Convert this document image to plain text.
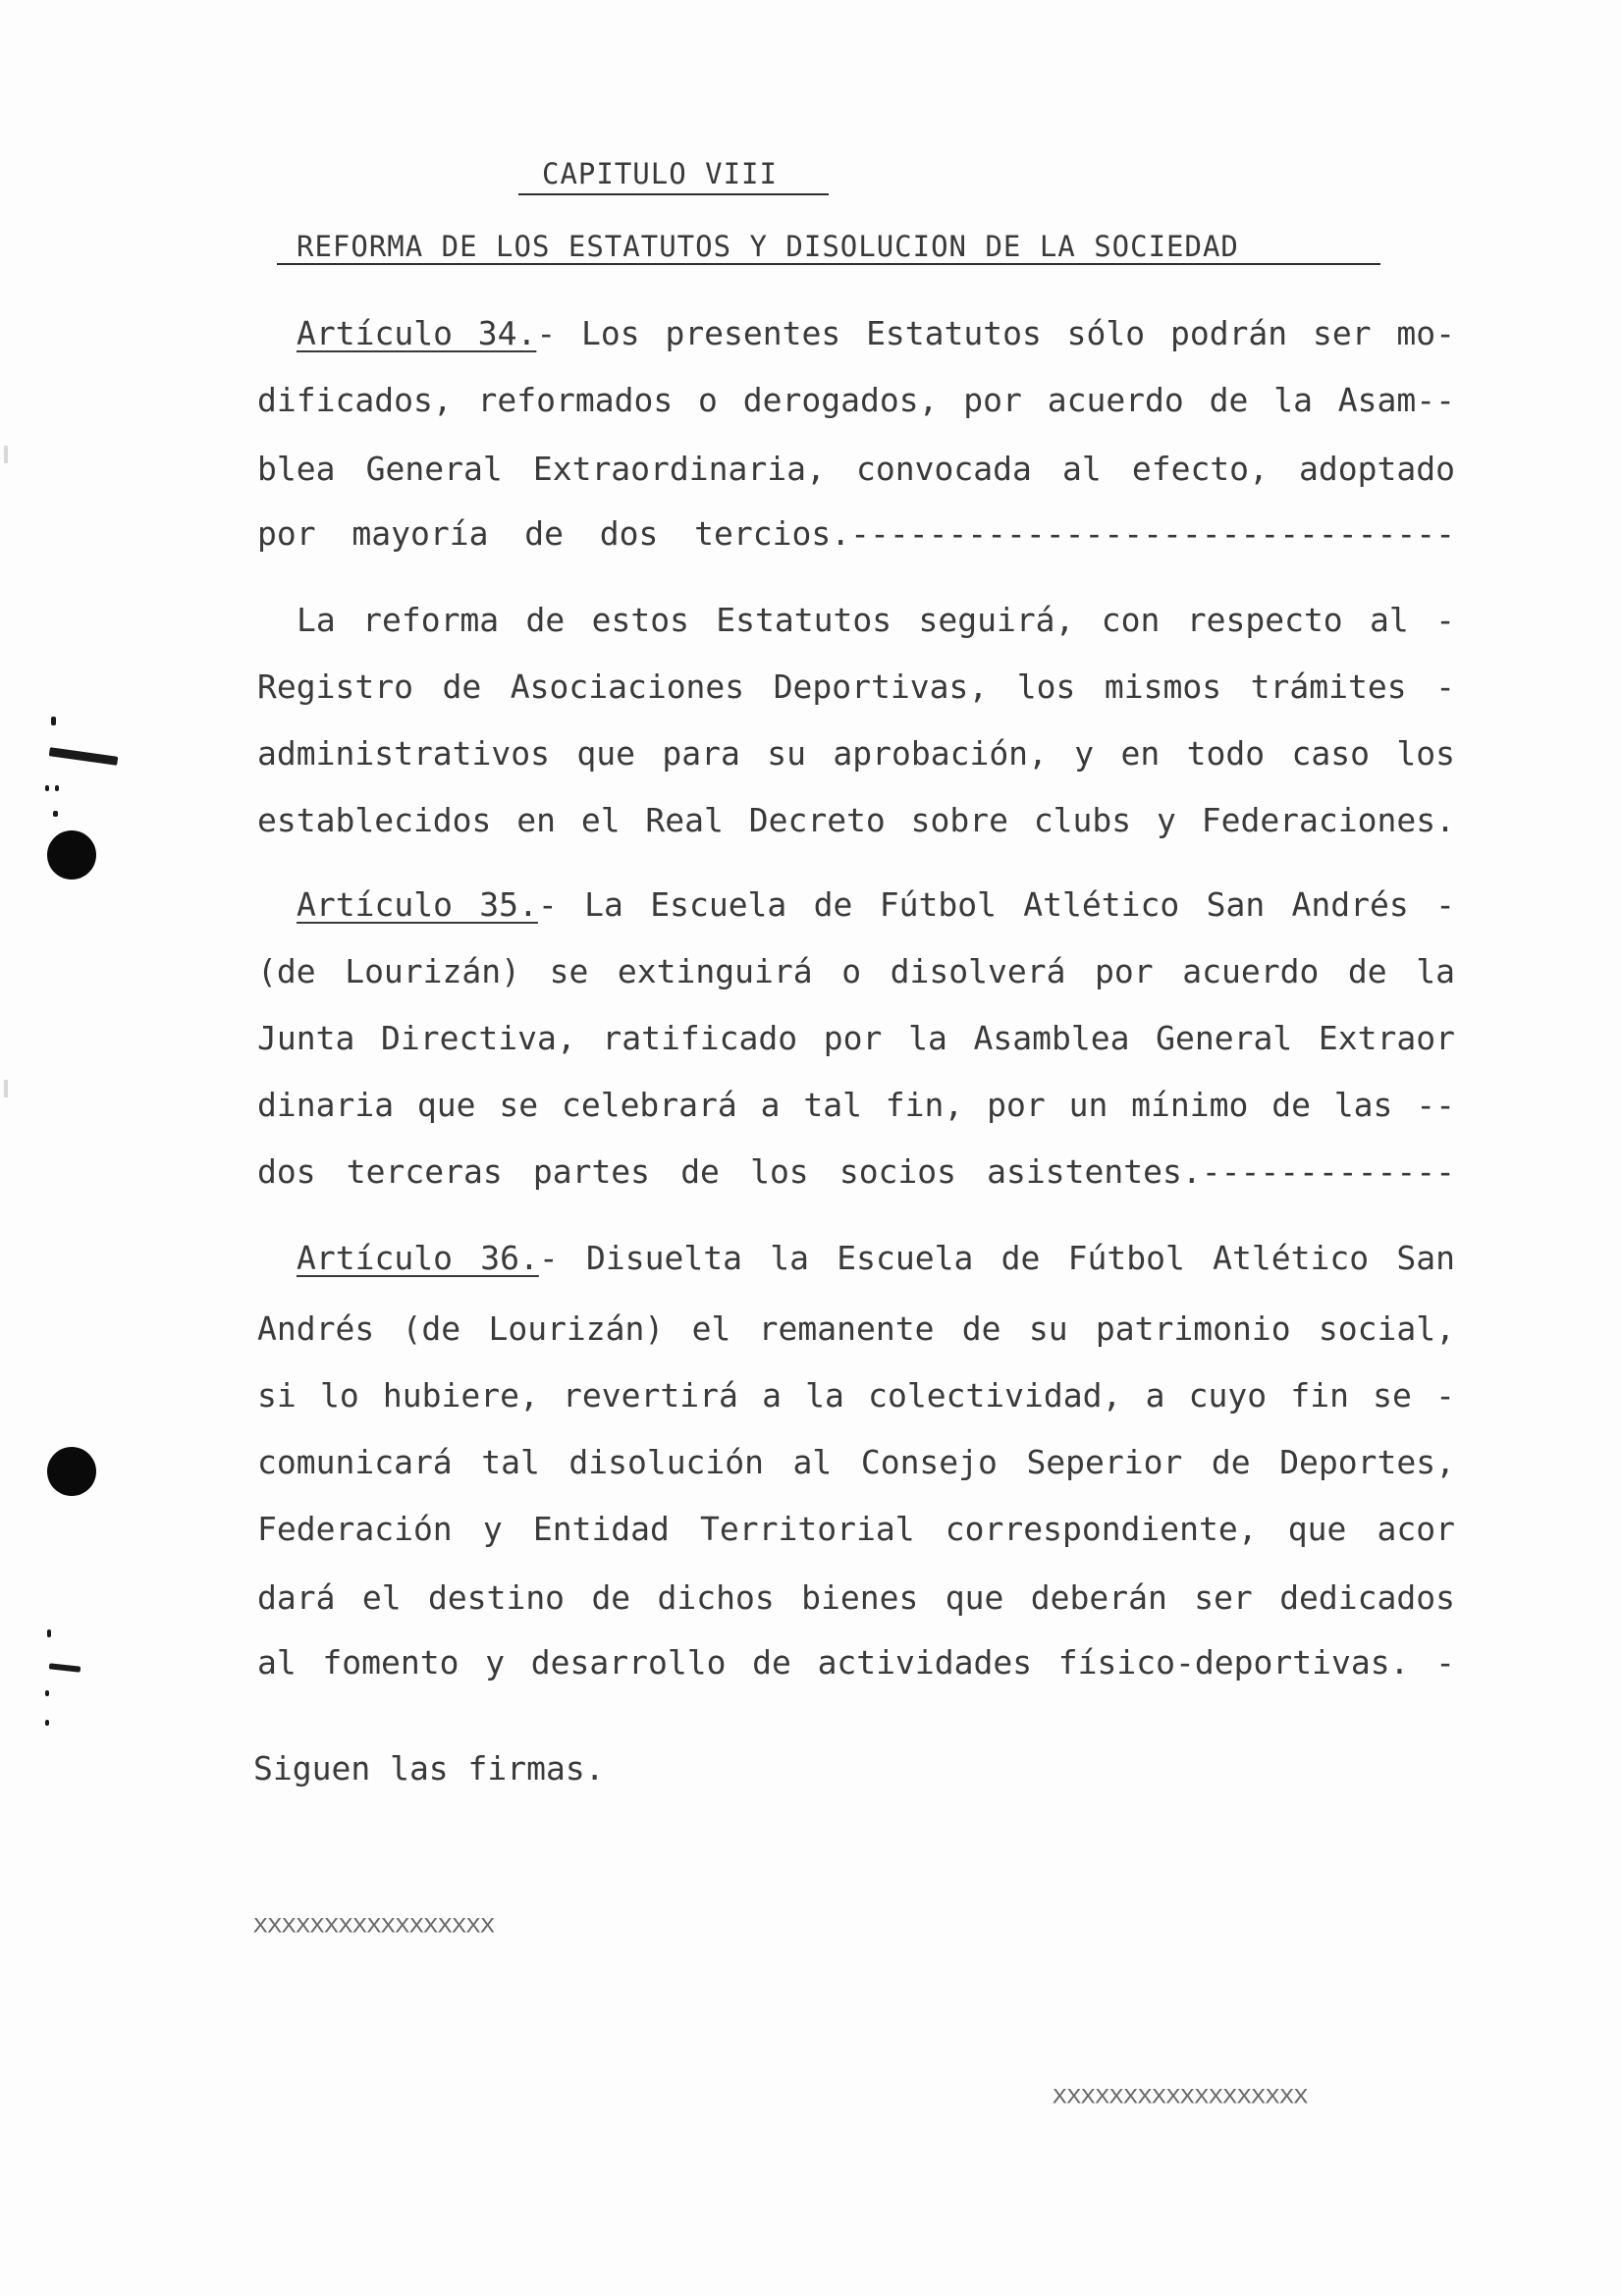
CAPITULO VIII
REFORMA DE LOS ESTATUTOS Y DISOLUCION DE LA SOCIEDAD
Artículo 34.- Los presentes Estatutos sólo podrán ser mo-
dificados, reformados o derogados, por acuerdo de la Asam--
blea General Extraordinaria, convocada al efecto, adoptado
por mayoría de dos tercios.-------------------------------
La reforma de estos Estatutos seguirá, con respecto al -
Registro de Asociaciones Deportivas, los mismos trámites -
administrativos que para su aprobación, y en todo caso los
establecidos en el Real Decreto sobre clubs y Federaciones.
Artículo 35.- La Escuela de Fútbol Atlético San Andrés -
(de Lourizán) se extinguirá o disolverá por acuerdo de la
Junta Directiva, ratificado por la Asamblea General Extraor
dinaria que se celebrará a tal fin, por un mínimo de las --
dos terceras partes de los socios asistentes.-------------
Artículo 36.- Disuelta la Escuela de Fútbol Atlético San
Andrés (de Lourizán) el remanente de su patrimonio social,
si lo hubiere, revertirá a la colectividad, a cuyo fin se -
comunicará tal disolución al Consejo Seperior de Deportes,
Federación y Entidad Territorial correspondiente, que acor
dará el destino de dichos bienes que deberán ser dedicados
al fomento y desarrollo de actividades físico-deportivas. -
Siguen las firmas.
XXXXXXXXXXXXXXXXX
XXXXXXXXXXXXXXXXXX
